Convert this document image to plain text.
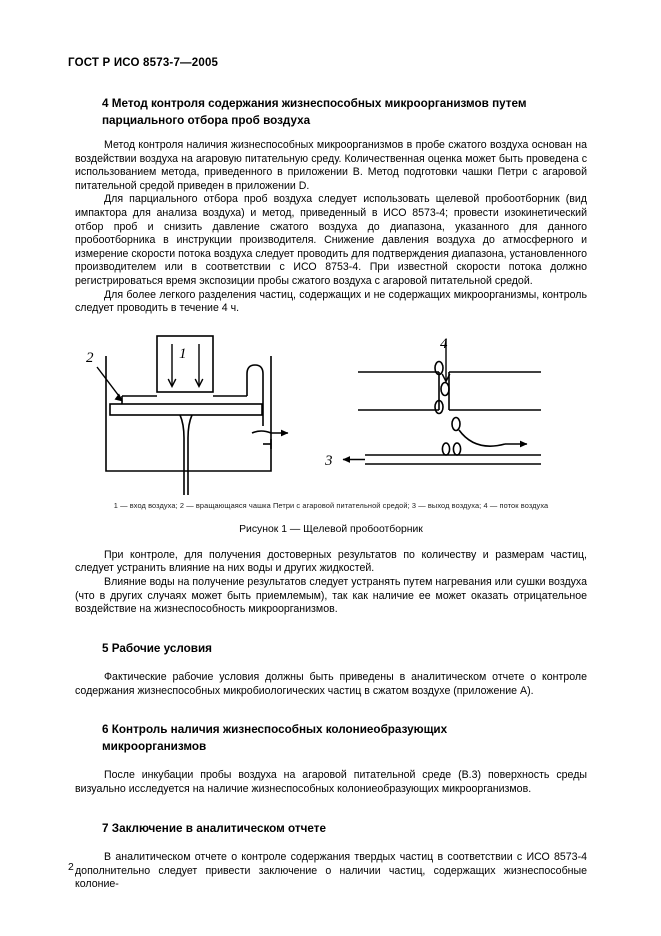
ГОСТ Р ИСО 8573-7—2005
4 Метод контроля содержания жизнеспособных микроорганизмов путем
парциального отбора проб воздуха

Метод контроля наличия жизнеспособных микроорганизмов в пробе сжатого воздуха основан на воздействии воздуха на агаровую питательную среду. Количественная оценка может быть проведена с использованием метода, приведенного в приложении В. Метод подготовки чашки Петри с агаровой питательной средой приведен в приложении D.

Для парциального отбора проб воздуха следует использовать щелевой пробоотборник (вид импактора для анализа воздуха) и метод, приведенный в ИСО 8573-4; провести изокинетический отбор проб и снизить давление сжатого воздуха до диапазона, указанного для данного пробоотборника в инструкции производителя. Снижение давления воздуха до атмосферного и измерение скорости потока воздуха следует проводить для подтверждения диапазона, установленного производителем или в соответствии с ИСО 8753-4. При известной скорости потока должно регистрироваться время экспозиции пробы сжатого воздуха с агаровой питательной средой.

Для более легкого разделения частиц, содержащих и не содержащих микроорганизмы, контроль следует проводить в течение 4 ч.

1
2
3
4
1 — вход воздуха; 2 — вращающаяся чашка Петри с агаровой питательной средой; 3 — выход воздуха; 4 — поток воздуха
Рисунок 1 — Щелевой пробоотборник

При контроле, для получения достоверных результатов по количеству и размерам частиц, следует устранить влияние на них воды и других жидкостей.

Влияние воды на получение результатов следует устранять путем нагревания или сушки воздуха (что в других случаях может быть приемлемым), так как наличие ее может оказать отрицательное воздействие на жизнеспособность микроорганизмов.

5 Рабочие условия

Фактические рабочие условия должны быть приведены в аналитическом отчете о контроле содержания жизнеспособных микробиологических частиц в сжатом воздухе (приложение А).

6 Контроль наличия жизнеспособных колониеобразующих
микроорганизмов

После инкубации пробы воздуха на агаровой питательной среде (В.3) поверхность среды визуально исследуется на наличие жизнеспособных колониеобразующих микроорганизмов.

7 Заключение в аналитическом отчете

В аналитическом отчете о контроле содержания твердых частиц в соответствии с ИСО 8573-4 дополнительно следует привести заключение о наличии частиц, содержащих жизнеспособные колоние-

2
